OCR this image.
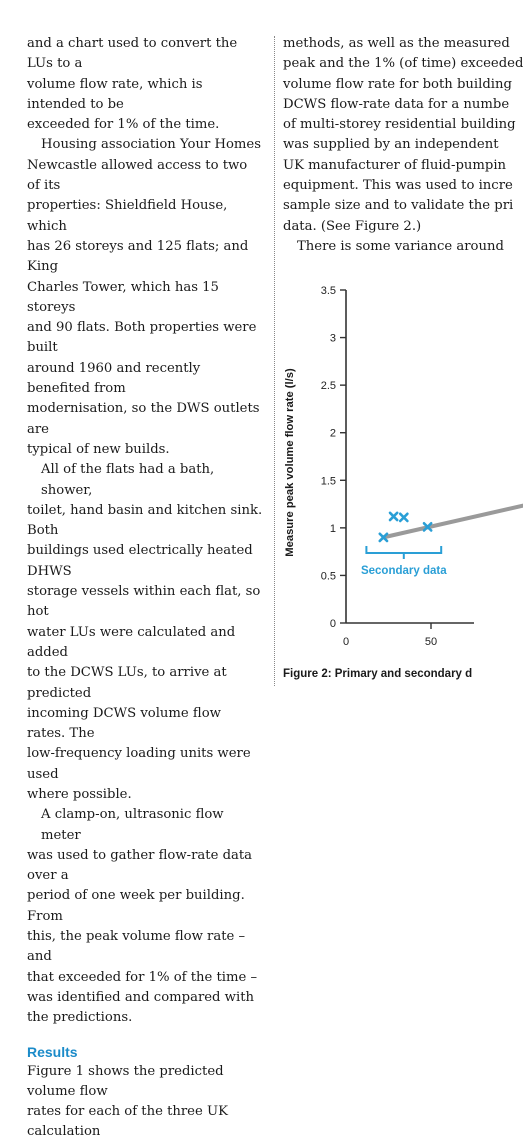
and a chart used to convert the LUs to a
volume flow rate, which is intended to be
exceeded for 1% of the time.
Housing association Your Homes
Newcastle allowed access to two of its
properties: Shieldfield House, which
has 26 storeys and 125 flats; and King
Charles Tower, which has 15 storeys
and 90 flats. Both properties were built
around 1960 and recently benefited from
modernisation, so the DWS outlets are
typical of new builds.
All of the flats had a bath, shower,
toilet, hand basin and kitchen sink. Both
buildings used electrically heated DHWS
storage vessels within each flat, so hot
water LUs were calculated and added
to the DCWS LUs, to arrive at predicted
incoming DCWS volume flow rates. The
low-frequency loading units were used
where possible.
A clamp-on, ultrasonic flow meter
was used to gather flow-rate data over a
period of one week per building. From
this, the peak volume flow rate – and
that exceeded for 1% of the time –
was identified and compared with
the predictions.
Results
Figure 1 shows the predicted volume flow
rates for each of the three UK calculation
methods, as well as the measured
peak and the 1% (of time) exceeded
volume flow rate for both building
DCWS flow-rate data for a numbe
of multi-storey residential building
was supplied by an independent
UK manufacturer of fluid-pumpin
equipment. This was used to incre
sample size and to validate the pri
data. (See Figure 2.)
There is some variance around
3.5
3
2.5
2
1.5
1
0.5
0
0	50
Measure peak volume flow rate (l/s)
Secondary data
Figure 2: Primary and secondary d
